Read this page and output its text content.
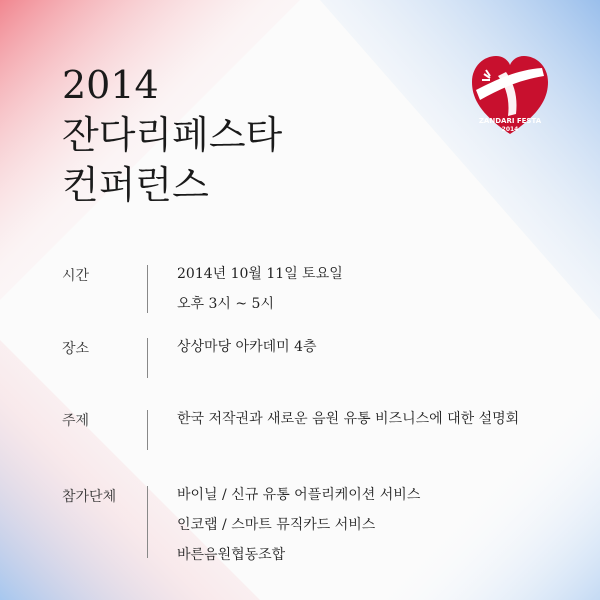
2014
잔다리페스타
컨퍼런스
ZANDARI FESTA
2014
시간	2014년 10월 11일 토요일
오후 3시 ~ 5시
장소	상상마당 아카데미 4층
주제	한국 저작권과 새로운 음원 유통 비즈니스에 대한 설명회
참가단체	바이닐 / 신규 유통 어플리케이션 서비스
인코랩 / 스마트 뮤직카드 서비스
바른음원협동조합
